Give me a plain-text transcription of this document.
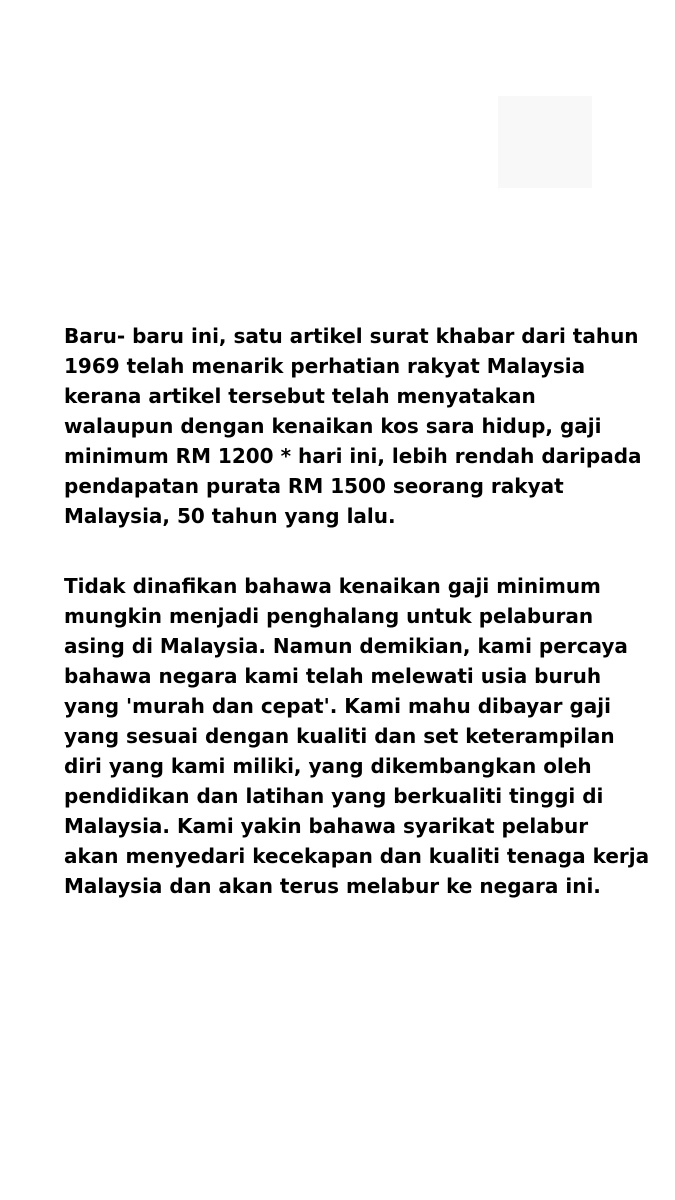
Baru- baru ini, satu artikel surat khabar dari tahun
1969 telah menarik perhatian rakyat Malaysia
kerana artikel tersebut telah menyatakan
walaupun dengan kenaikan kos sara hidup, gaji
minimum RM 1200 * hari ini, lebih rendah daripada
pendapatan purata RM 1500 seorang rakyat
Malaysia, 50 tahun yang lalu.

Tidak dinafikan bahawa kenaikan gaji minimum
mungkin menjadi penghalang untuk pelaburan
asing di Malaysia. Namun demikian, kami percaya
bahawa negara kami telah melewati usia buruh
yang 'murah dan cepat'. Kami mahu dibayar gaji
yang sesuai dengan kualiti dan set keterampilan
diri yang kami miliki, yang dikembangkan oleh
pendidikan dan latihan yang berkualiti tinggi di
Malaysia. Kami yakin bahawa syarikat pelabur
akan menyedari kecekapan dan kualiti tenaga kerja
Malaysia dan akan terus melabur ke negara ini.
